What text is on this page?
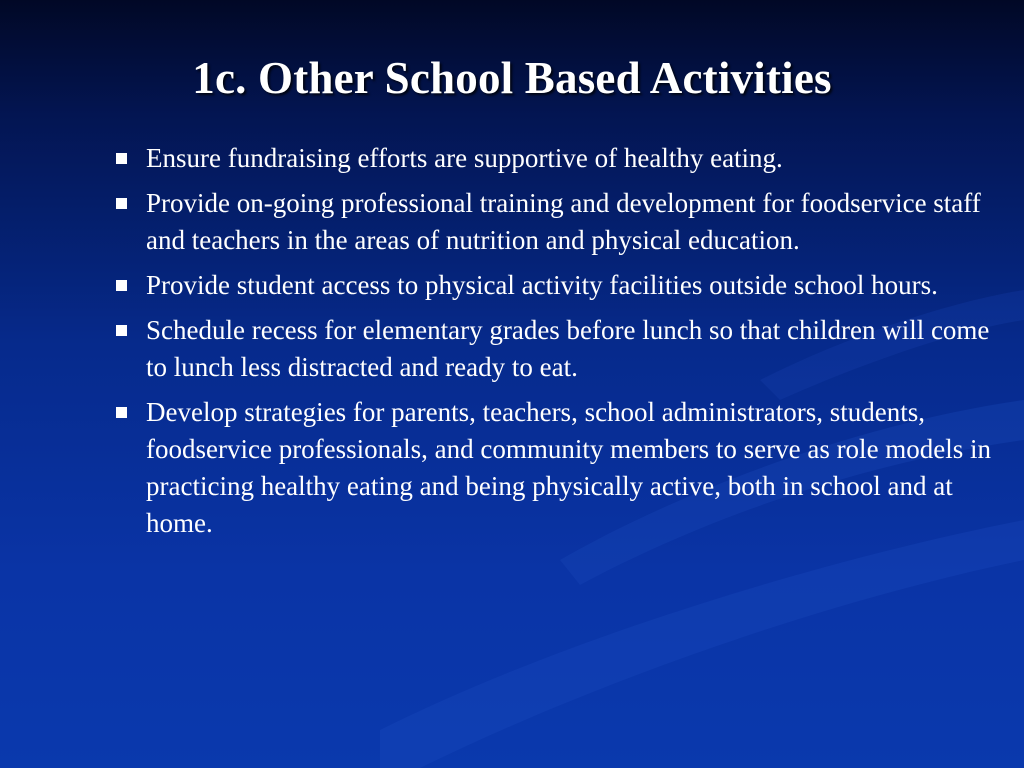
1c. Other School Based Activities
Ensure fundraising efforts are supportive of healthy eating.
Provide on-going professional training and development for foodservice staff and teachers in the areas of nutrition and physical education.
Provide student access to physical activity facilities outside school hours.
Schedule recess for elementary grades before lunch so that children will come to lunch less distracted and ready to eat.
Develop strategies for parents, teachers, school administrators, students, foodservice professionals, and community members to serve as role models in practicing healthy eating and being physically active, both in school and at home.
